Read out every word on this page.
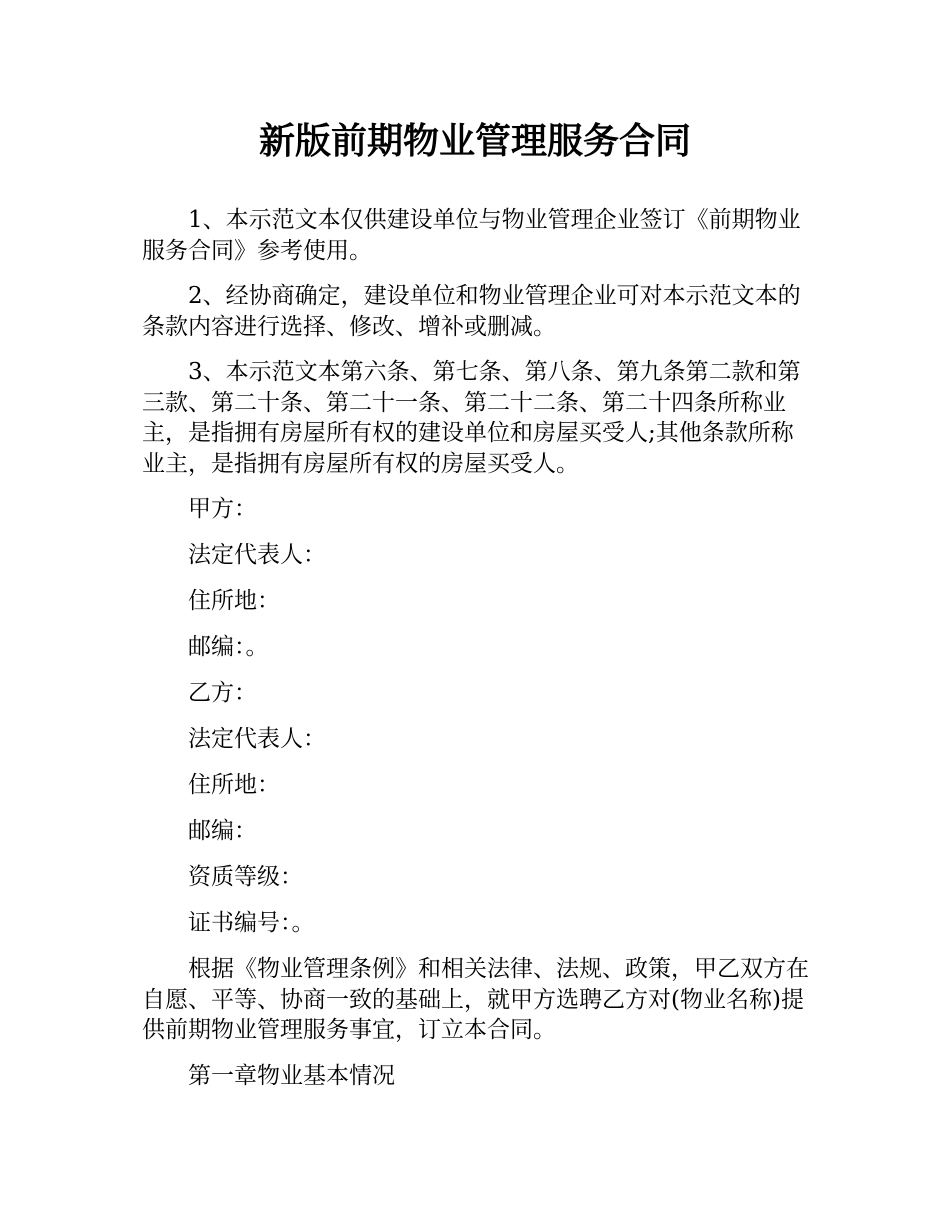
新版前期物业管理服务合同

1、本示范文本仅供建设单位与物业管理企业签订《前期物业服务合同》参考使用。

2、经协商确定，建设单位和物业管理企业可对本示范文本的条款内容进行选择、修改、增补或删减。

3、本示范文本第六条、第七条、第八条、第九条第二款和第三款、第二十条、第二十一条、第二十二条、第二十四条所称业主，是指拥有房屋所有权的建设单位和房屋买受人;其他条款所称业主，是指拥有房屋所有权的房屋买受人。

甲方：

法定代表人：

住所地：

邮编：。

乙方：

法定代表人：

住所地：

邮编：

资质等级：

证书编号：。

根据《物业管理条例》和相关法律、法规、政策，甲乙双方在自愿、平等、协商一致的基础上，就甲方选聘乙方对(物业名称)提供前期物业管理服务事宜，订立本合同。

第一章物业基本情况
